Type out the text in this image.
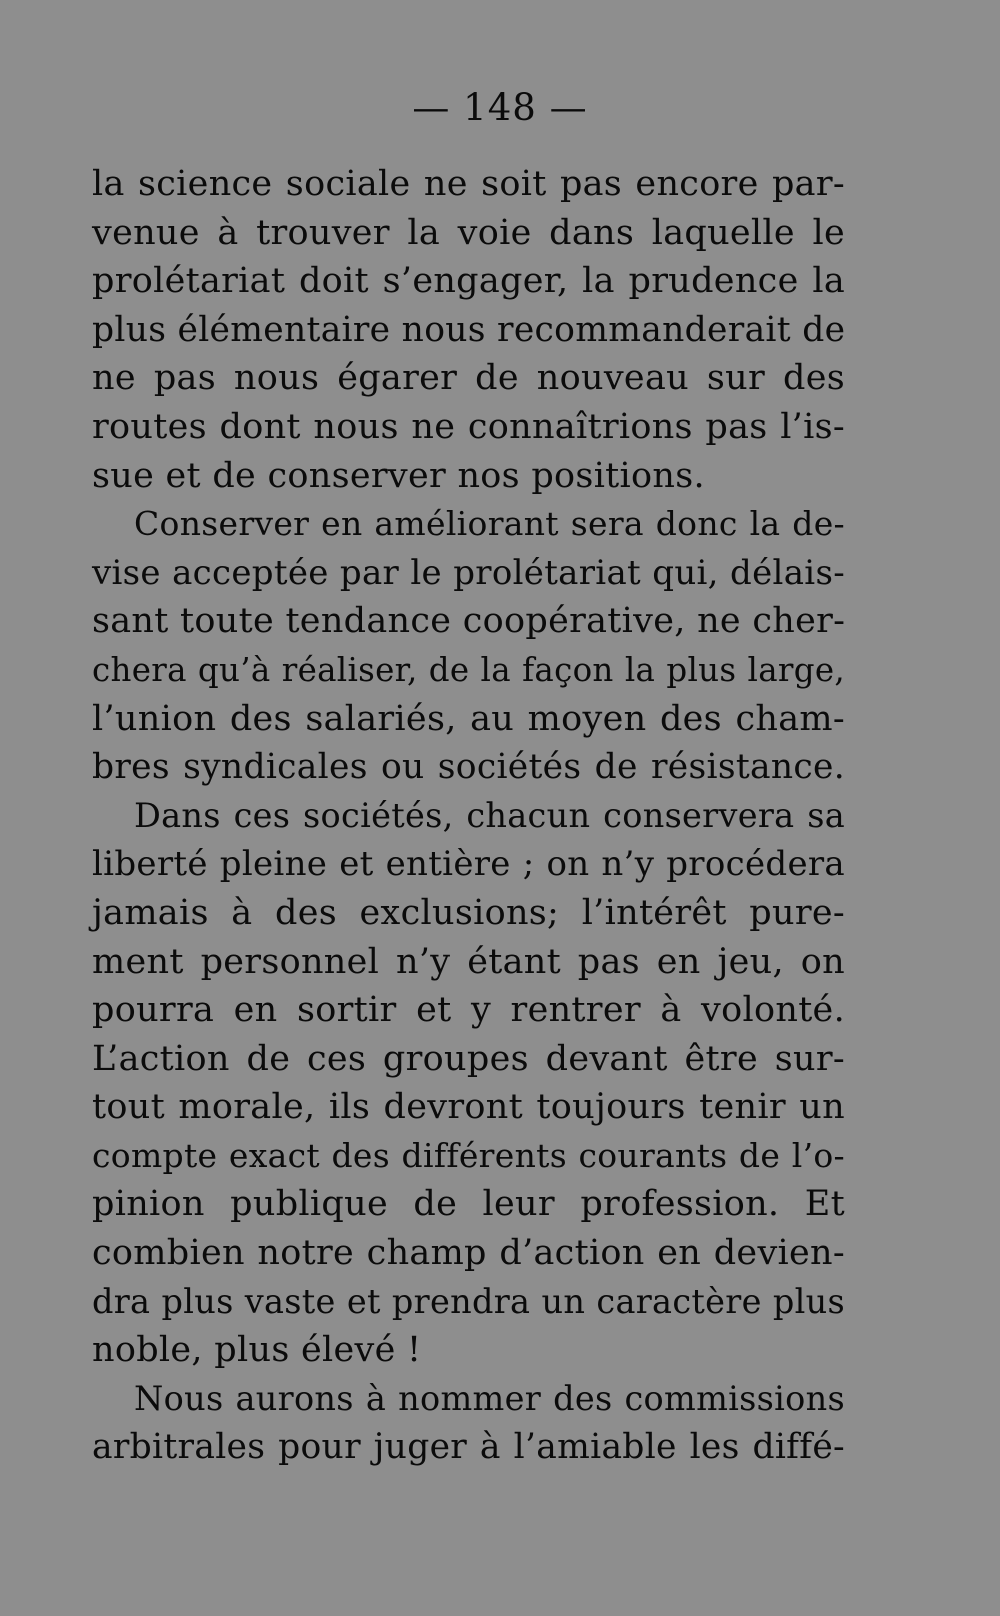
— 148 —
la science sociale ne soit pas encore par-
venue à trouver la voie dans laquelle le
prolétariat doit s’engager, la prudence la
plus élémentaire nous recommanderait de
ne pas nous égarer de nouveau sur des
routes dont nous ne connaîtrions pas l’is-
sue et de conserver nos positions.
Conserver en améliorant sera donc la de-
vise acceptée par le prolétariat qui, délais-
sant toute tendance coopérative, ne cher-
chera qu’à réaliser, de la façon la plus large,
l’union des salariés, au moyen des cham-
bres syndicales ou sociétés de résistance.
Dans ces sociétés, chacun conservera sa
liberté pleine et entière ; on n’y procédera
jamais à des exclusions; l’intérêt pure-
ment personnel n’y étant pas en jeu, on
pourra en sortir et y rentrer à volonté.
L’action de ces groupes devant être sur-
tout morale, ils devront toujours tenir un
compte exact des différents courants de l’o-
pinion publique de leur profession. Et
combien notre champ d’action en devien-
dra plus vaste et prendra un caractère plus
noble, plus élevé !
Nous aurons à nommer des commissions
arbitrales pour juger à l’amiable les diffé-
